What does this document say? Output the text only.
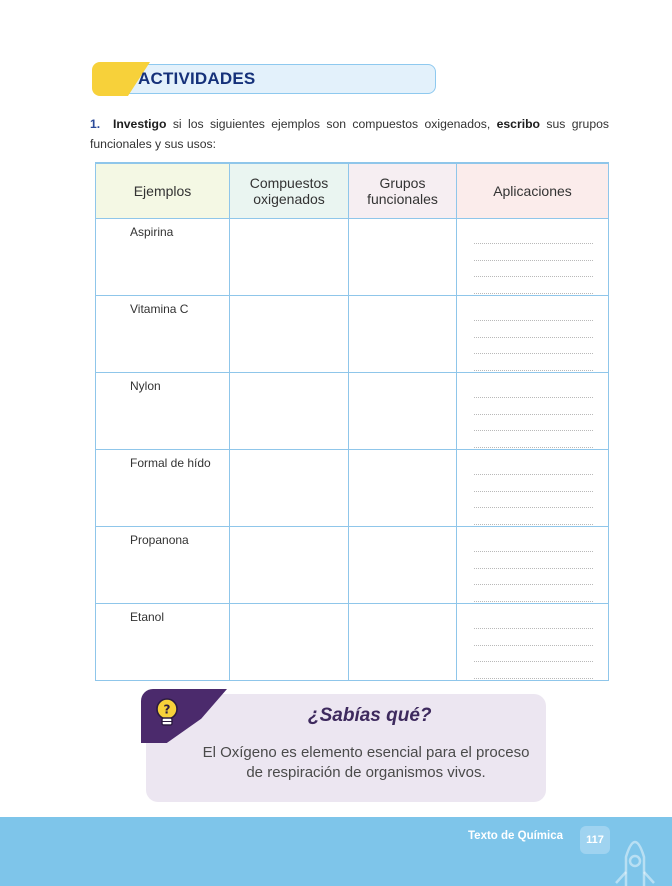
ACTIVIDADES
1. Investigo si los siguientes ejemplos son compuestos oxigenados, escribo sus grupos funcionales y sus usos:
Ejemplos	Compuestos oxigenados	Grupos funcionales	Aplicaciones
Aspirina			

Vitamina C			

Nylon			

Formal de hído			

Propanona			

Etanol			
?	¿Sabías qué?
El Oxígeno es elemento esencial para el proceso de respiración de organismos vivos.
Texto de Química	117
